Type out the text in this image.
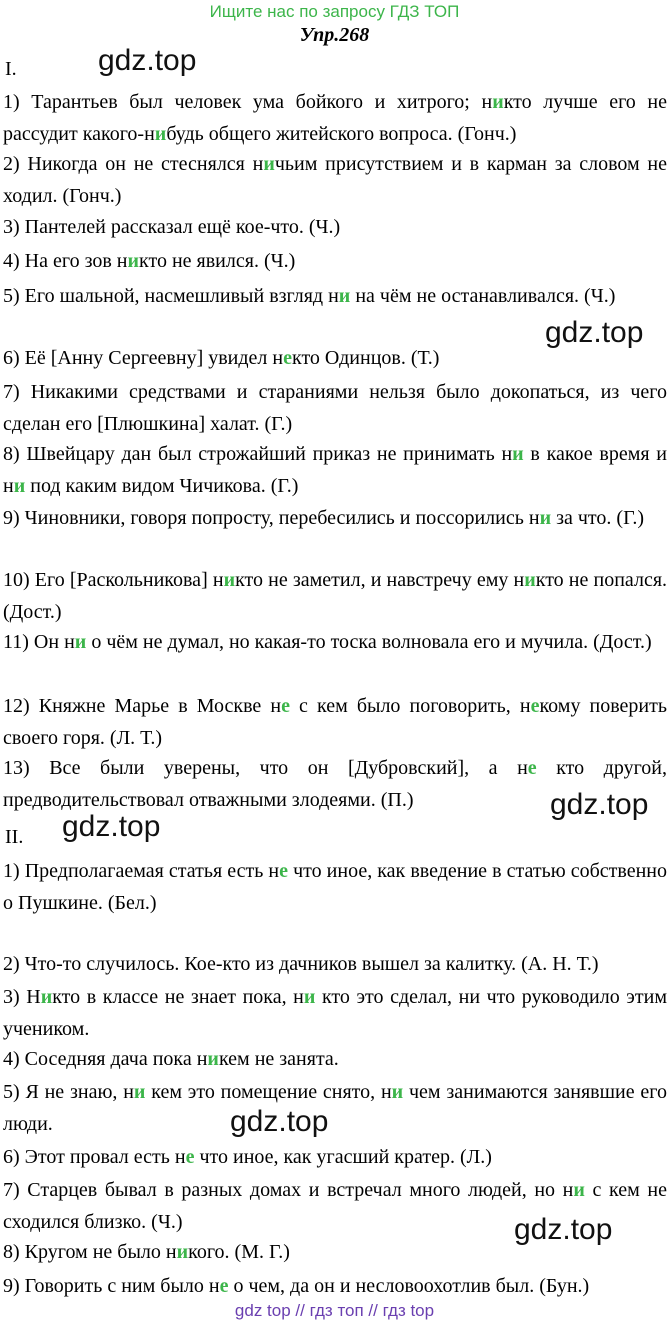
Ищите нас по запросу ГДЗ ТОП
Упр.268
I.
II.

1) Тарантьев был человек ума бойкого и хитрого; никто лучше его не рассудит какого-нибудь общего житейского вопроса. (Гонч.)

2) Никогда он не стеснялся ничьим присутствием и в карман за словом не ходил. (Гонч.)

3) Пантелей рассказал ещё кое-что. (Ч.)

4) На его зов никто не явился. (Ч.)

5) Его шальной, насмешливый взгляд ни на чём не останавливался. (Ч.)

6) Её [Анну Сергеевну] увидел некто Одинцов. (Т.)

7) Никакими средствами и стараниями нельзя было докопаться, из чего сделан его [Плюшкина] халат. (Г.)

8) Швейцару дан был строжайший приказ не принимать ни в какое время и ни под каким видом Чичикова. (Г.)

9) Чиновники, говоря попросту, перебесились и поссорились ни за что. (Г.)

10) Его [Раскольникова] никто не заметил, и навстречу ему никто не попался. (Дост.)

11) Он ни о чём не думал, но какая-то тоска волновала его и мучила. (Дост.)

12) Княжне Марье в Москве не с кем было поговорить, некому поверить своего горя. (Л. Т.)

13) Все были уверены, что он [Дубровский], а не кто другой, предводительствовал отважными злодеями. (П.)

1) Предполагаемая статья есть не что иное, как введение в статью собственно о Пушкине. (Бел.)

2) Что-то случилось. Кое-кто из дачников вышел за калитку. (А. Н. Т.)

3) Никто в классе не знает пока, ни кто это сделал, ни что руководило этим учеником.

4) Соседняя дача пока никем не занята.

5) Я не знаю, ни кем это помещение снято, ни чем занимаются занявшие его люди.

6) Этот провал есть не что иное, как угасший кратер. (Л.)

7) Старцев бывал в разных домах и встречал много людей, но ни с кем не сходился близко. (Ч.)

8) Кругом не было никого. (М. Г.)

9) Говорить с ним было не о чем, да он и несловоохотлив был. (Бун.)

gdz.top
gdz.top
gdz.top
gdz.top
gdz.top
gdz.top
gdz top // гдз топ // гдз top
